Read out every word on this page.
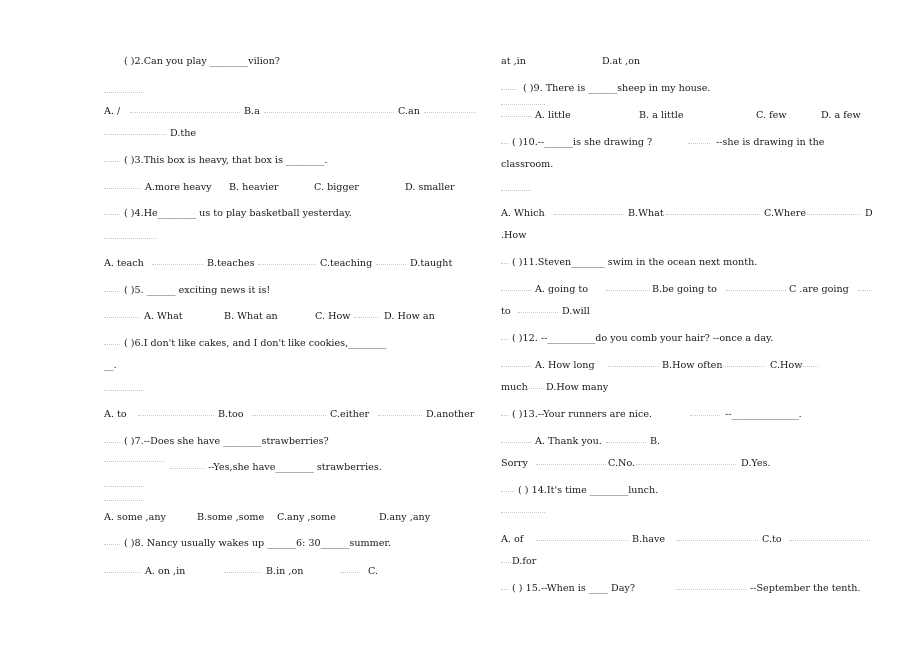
( )2.Can you play ________vilion?
A. /	B.a	C.an
D.the
( )3.This box is heavy, that box is ________.
A.more heavy B. heavier	C. bigger	D. smaller
( )4.He________ us to play basketball yesterday.
A. teach	B.teaches	C.teaching	D.taught
( )5. ______ exciting news it is!
A. What	B. What an	C. How	D. How an
( )6.I don't like cakes, and I don't like cookies,________
__.
A. to	B.too	C.either	D.another
( )7.--Does she have ________strawberries?
--Yes,she have________ strawberries.
A. some ,any	B.some ,some C.any ,some	D.any ,any
( )8. Nancy usually wakes up ______6: 30______summer.
A. on ,in	B.in ,on	C.
at ,in	D.at ,on
( )9. There is ______sheep in my house.
A. little	B. a little	C. few	D. a few
( )10.--______is she drawing ?	--she is drawing in the
classroom.
A. Which	B.What	C.Where	D
.How
( )11.Steven_______ swim in the ocean next month.
A. going to	B.be going to	C .are going
to	D.will
( )12. --__________do you comb your hair? --once a day.
A. How long	B.How often	C.How
much D.How many
( )13.--Your runners are nice.	--______________.
A. Thank you.	B.
Sorry	C.No.	D.Yes.
( ) 14.It's time ________lunch.
A. of	B.have	C.to
D.for
( ) 15.--When is ____ Day?	--September the tenth.
